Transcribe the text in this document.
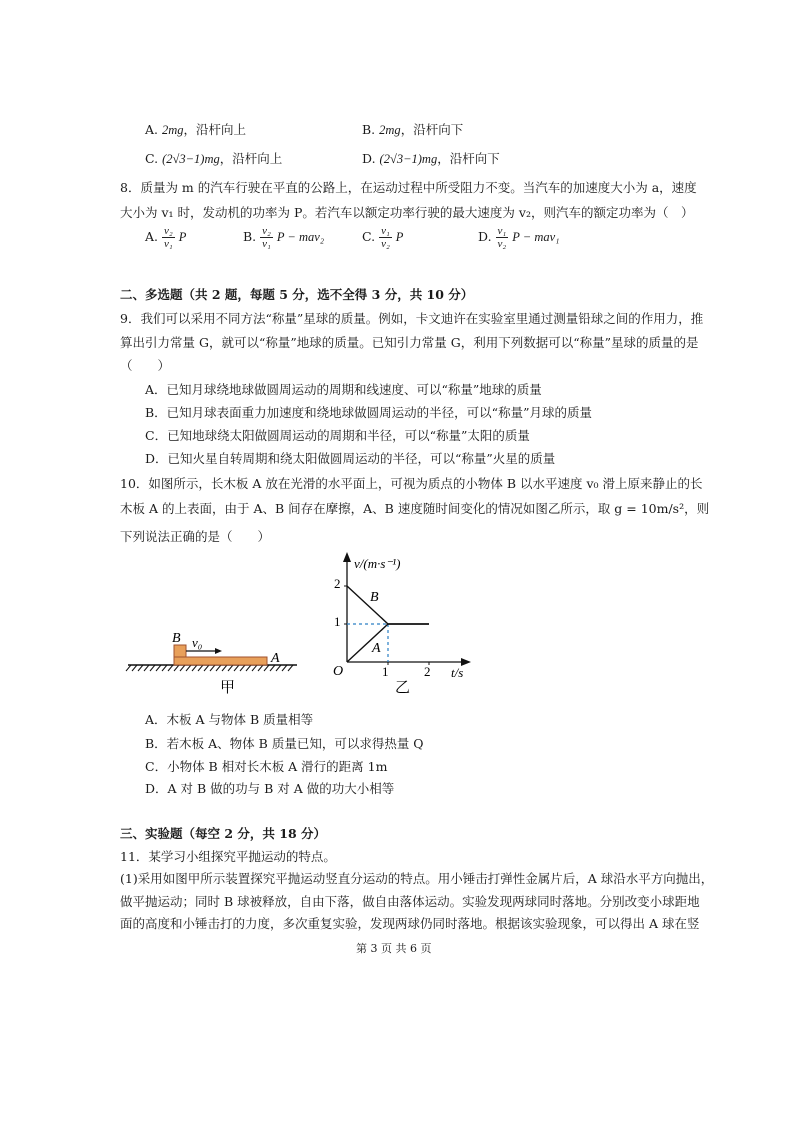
A. 2mg，沿杆向上	B. 2mg，沿杆向下
C. (2√3−1)mg，沿杆向上	D. (2√3−1)mg，沿杆向下
8．质量为 m 的汽车行驶在平直的公路上，在运动过程中所受阻力不变。当汽车的加速度大小为 a，速度
大小为 v₁ 时，发动机的功率为 P。若汽车以额定功率行驶的最大速度为 v₂，则汽车的额定功率为（　）
A. $\frac{\text{v₂}}{\text{v₁}}$ P	B. $\frac{\text{v₂}}{\text{v₁}}$ P − mav₂	C. $\frac{\text{v₁}}{\text{v₂}}$ P	D. $\frac{\text{v₁}}{\text{v₂}}$ P − mav₁
二、多选题（共 2 题，每题 5 分，选不全得 3 分，共 10 分）
9．我们可以采用不同方法“称量”星球的质量。例如，卡文迪许在实验室里通过测量铅球之间的作用力，推
算出引力常量 G，就可以“称量”地球的质量。已知引力常量 G，利用下列数据可以“称量”星球的质量的是
（　　）
A．已知月球绕地球做圆周运动的周期和线速度、可以“称量”地球的质量
B．已知月球表面重力加速度和绕地球做圆周运动的半径，可以“称量”月球的质量
C．已知地球绕太阳做圆周运动的周期和半径，可以“称量”太阳的质量
D．已知火星自转周期和绕太阳做圆周运动的半径，可以“称量”火星的质量
10．如图所示，长木板 A 放在光滑的水平面上，可视为质点的小物体 B 以水平速度 v₀ 滑上原来静止的长
木板 A 的上表面，由于 A、B 间存在摩擦，A、B 速度随时间变化的情况如图乙所示，取 g = 10m/s²，则
下列说法正确的是（　　）
B v₀
A
甲
v/(m·s⁻¹)
t/s
O
2
1
1	2
B
A
乙
A．木板 A 与物体 B 质量相等
B．若木板 A、物体 B 质量已知，可以求得热量 Q
C．小物体 B 相对长木板 A 滑行的距离 1m
D．A 对 B 做的功与 B 对 A 做的功大小相等
三、实验题（每空 2 分，共 18 分）
11．某学习小组探究平抛运动的特点。
(1)采用如图甲所示装置探究平抛运动竖直分运动的特点。用小锤击打弹性金属片后，A 球沿水平方向抛出，
做平抛运动；同时 B 球被释放，自由下落，做自由落体运动。实验发现两球同时落地。分别改变小球距地
面的高度和小锤击打的力度，多次重复实验，发现两球仍同时落地。根据该实验现象，可以得出 A 球在竖
第 3 页 共 6 页
